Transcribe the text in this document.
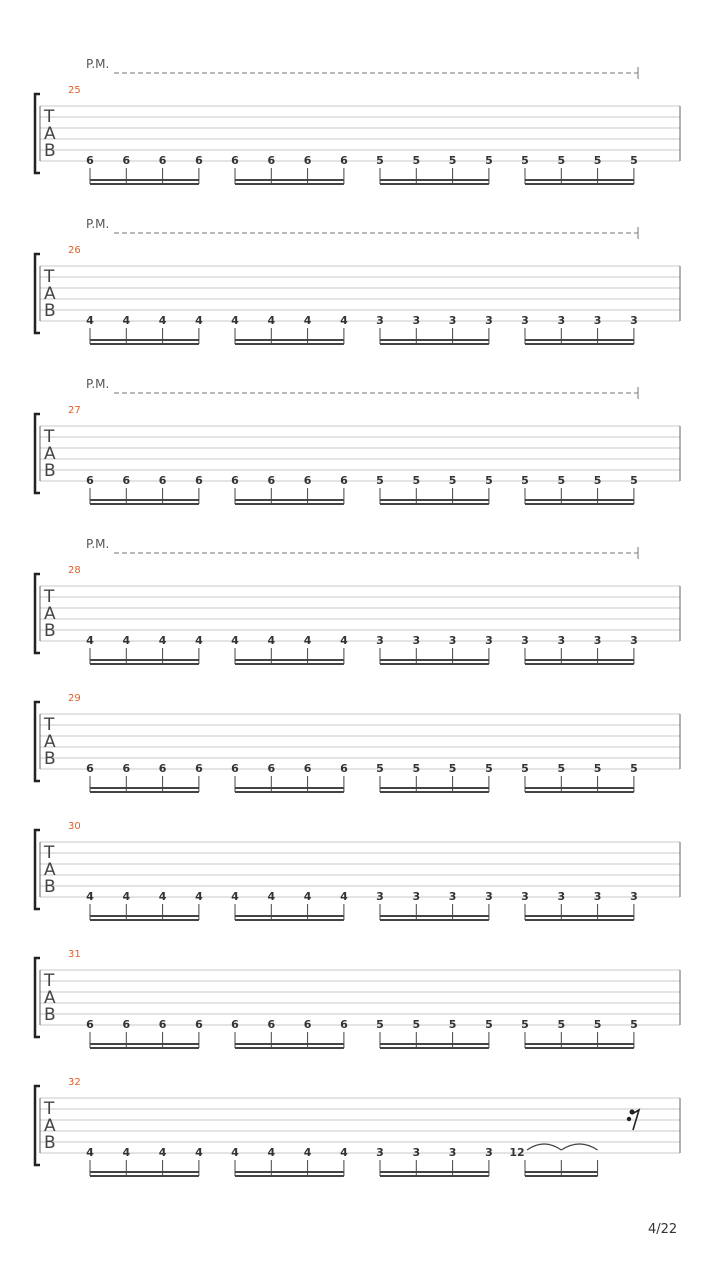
P.M.
25
T
A
B	6	6	6	6	6	6	6	6	5	5	5	5	5	5	5	5
P.M.
26
T
A
B	4	4	4	4	4	4	4	4	3	3	3	3	3	3	3	3
P.M.
27
T
A
B	6	6	6	6	6	6	6	6	5	5	5	5	5	5	5	5
P.M.
28
T
A
B	4	4	4	4	4	4	4	4	3	3	3	3	3	3	3	3
29
T
A
B	6	6	6	6	6	6	6	6	5	5	5	5	5	5	5	5
30
T
A
B	4	4	4	4	4	4	4	4	3	3	3	3	3	3	3	3
31
T
A
B	6	6	6	6	6	6	6	6	5	5	5	5	5	5	5	5
32
T
A
B	4	4	4	4	4	4	4	4	3	3	3	3 12
4/22
